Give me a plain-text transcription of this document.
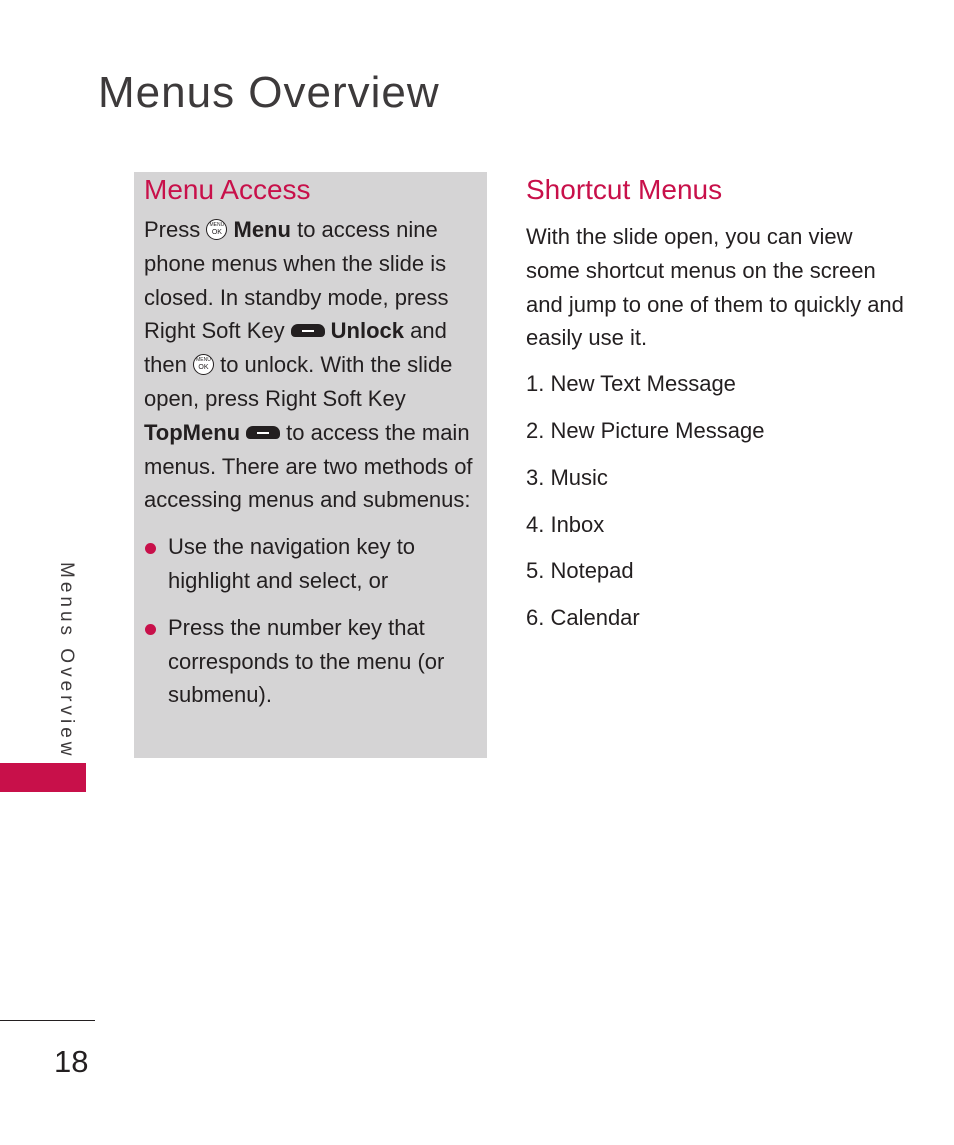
Menus Overview
Menus Overview
18
Menu Access

Press	MENU
OK Menu to access nine phone menus when the slide is closed. In standby mode, press Right Soft Key Unlock and then	MENU
OK to unlock. With the slide open, press Right Soft Key TopMenu to access the main menus. There are two methods of accessing menus and submenus:

Use the navigation key to highlight and select, or
Press the number key that corresponds to the menu (or submenu).
Shortcut Menus

With the slide open, you can view some shortcut menus on the screen and jump to one of them to quickly and easily use it.

1. New Text Message
2. New Picture Message
3. Music
4. Inbox
5. Notepad
6. Calendar
